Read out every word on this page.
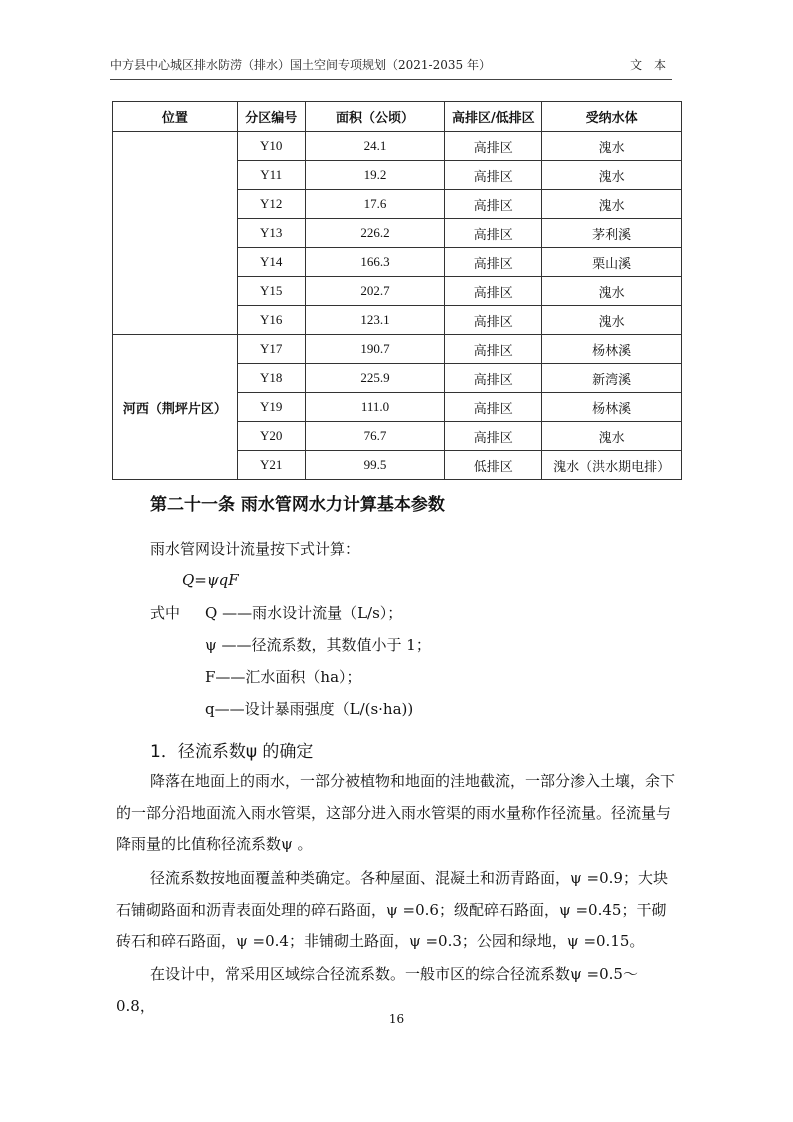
中方县中心城区排水防涝（排水）国土空间专项规划（2021-2035 年）	文 本
位置	分区编号	面积（公顷）	高排区/低排区	受纳水体
	Y10	24.1	高排区	溾水
	Y11	19.2	高排区	溾水
	Y12	17.6	高排区	溾水
	Y13	226.2	高排区	茅利溪
	Y14	166.3	高排区	栗山溪
	Y15	202.7	高排区	溾水
	Y16	123.1	高排区	溾水
河西（荆坪片区）	Y17	190.7	高排区	杨林溪
	Y18	225.9	高排区	新湾溪
	Y19	111.0	高排区	杨林溪
	Y20	76.7	高排区	溾水
	Y21	99.5	低排区	溾水（洪水期电排）
第二十一条 雨水管网水力计算基本参数
雨水管网设计流量按下式计算：
Q=ψqF
式中 Q ——雨水设计流量（L/s）；
ψ ——径流系数，其数值小于 1；
F——汇水面积（ha）；
q——设计暴雨强度（L/(s·ha))
1．径流系数ψ 的确定
降落在地面上的雨水，一部分被植物和地面的洼地截流，一部分渗入土壤，余下的一部分沿地面流入雨水管渠，这部分进入雨水管渠的雨水量称作径流量。径流量与降雨量的比值称径流系数ψ 。
径流系数按地面覆盖种类确定。各种屋面、混凝土和沥青路面，ψ =0.9；大块石铺砌路面和沥青表面处理的碎石路面，ψ =0.6；级配碎石路面，ψ =0.45；干砌砖石和碎石路面，ψ =0.4；非铺砌土路面，ψ =0.3；公园和绿地，ψ =0.15。
在设计中，常采用区域综合径流系数。一般市区的综合径流系数ψ =0.5～0.8，
16
